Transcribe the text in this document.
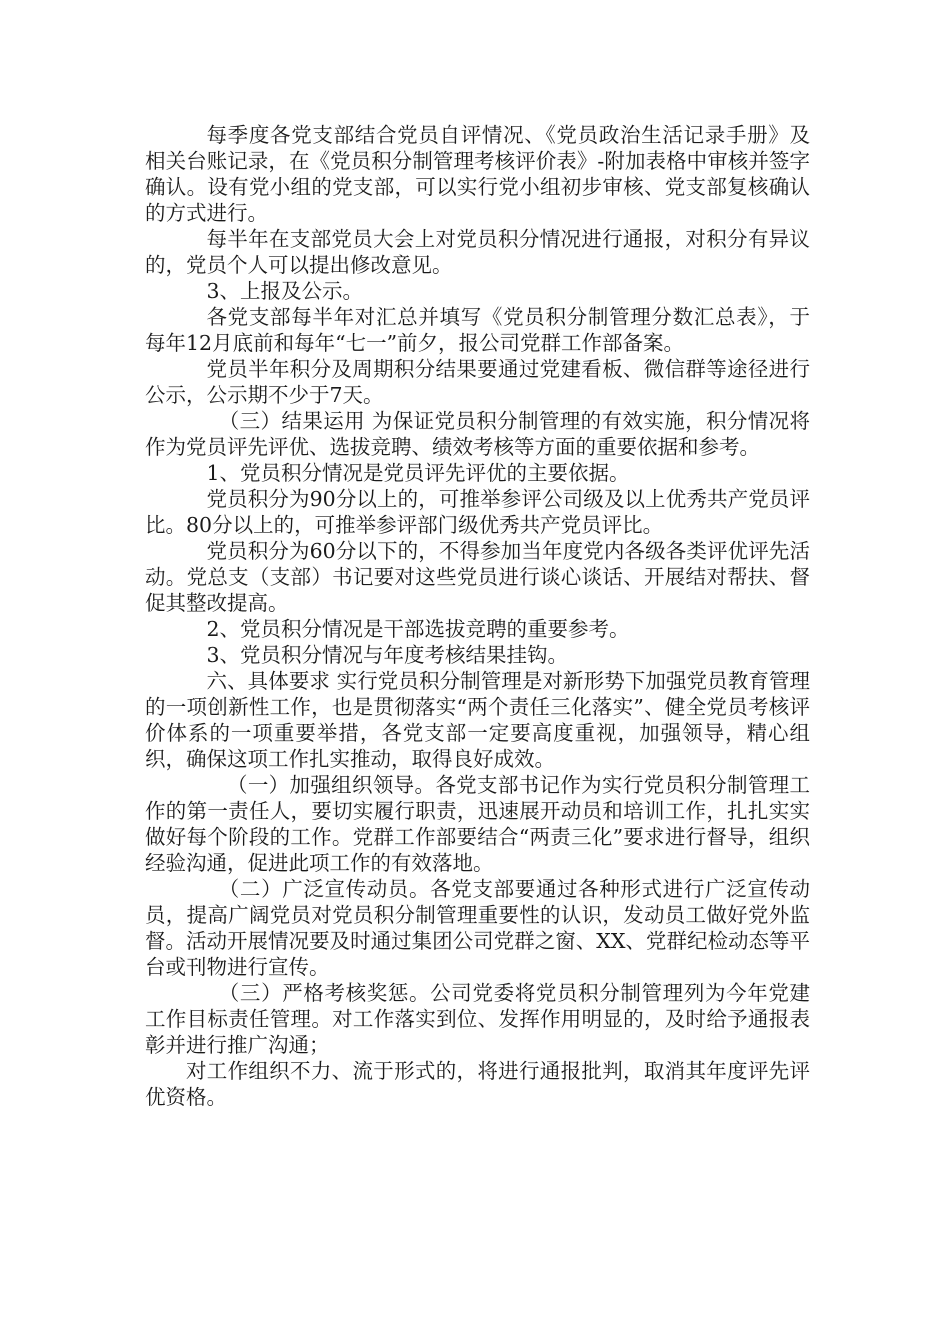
每季度各党支部结合党员自评情况、《党员政治生活记录手册》及相关台账记录，在《党员积分制管理考核评价表》-附加表格中审核并签字确认。设有党小组的党支部，可以实行党小组初步审核、党支部复核确认的方式进行。

每半年在支部党员大会上对党员积分情况进行通报，对积分有异议的，党员个人可以提出修改意见。

3、上报及公示。

各党支部每半年对汇总并填写《党员积分制管理分数汇总表》，于每年12月底前和每年“七一”前夕，报公司党群工作部备案。

党员半年积分及周期积分结果要通过党建看板、微信群等途径进行公示，公示期不少于7天。

（三）结果运用 为保证党员积分制管理的有效实施，积分情况将作为党员评先评优、选拔竞聘、绩效考核等方面的重要依据和参考。

1、党员积分情况是党员评先评优的主要依据。

党员积分为90分以上的，可推举参评公司级及以上优秀共产党员评比。80分以上的，可推举参评部门级优秀共产党员评比。

党员积分为60分以下的，不得参加当年度党内各级各类评优评先活动。党总支（支部）书记要对这些党员进行谈心谈话、开展结对帮扶、督促其整改提高。

2、党员积分情况是干部选拔竞聘的重要参考。

3、党员积分情况与年度考核结果挂钩。

六、具体要求 实行党员积分制管理是对新形势下加强党员教育管理的一项创新性工作，也是贯彻落实“两个责任三化落实”、健全党员考核评价体系的一项重要举措，各党支部一定要高度重视，加强领导，精心组织，确保这项工作扎实推动，取得良好成效。

（一）加强组织领导。各党支部书记作为实行党员积分制管理工作的第一责任人，要切实履行职责，迅速展开动员和培训工作，扎扎实实做好每个阶段的工作。党群工作部要结合“两责三化”要求进行督导，组织经验沟通，促进此项工作的有效落地。

（二）广泛宣传动员。各党支部要通过各种形式进行广泛宣传动员，提高广阔党员对党员积分制管理重要性的认识，发动员工做好党外监督。活动开展情况要及时通过集团公司党群之窗、XX、党群纪检动态等平台或刊物进行宣传。

（三）严格考核奖惩。公司党委将党员积分制管理列为今年党建工作目标责任管理。对工作落实到位、发挥作用明显的，及时给予通报表彰并进行推广沟通；

对工作组织不力、流于形式的，将进行通报批判，取消其年度评先评优资格。
